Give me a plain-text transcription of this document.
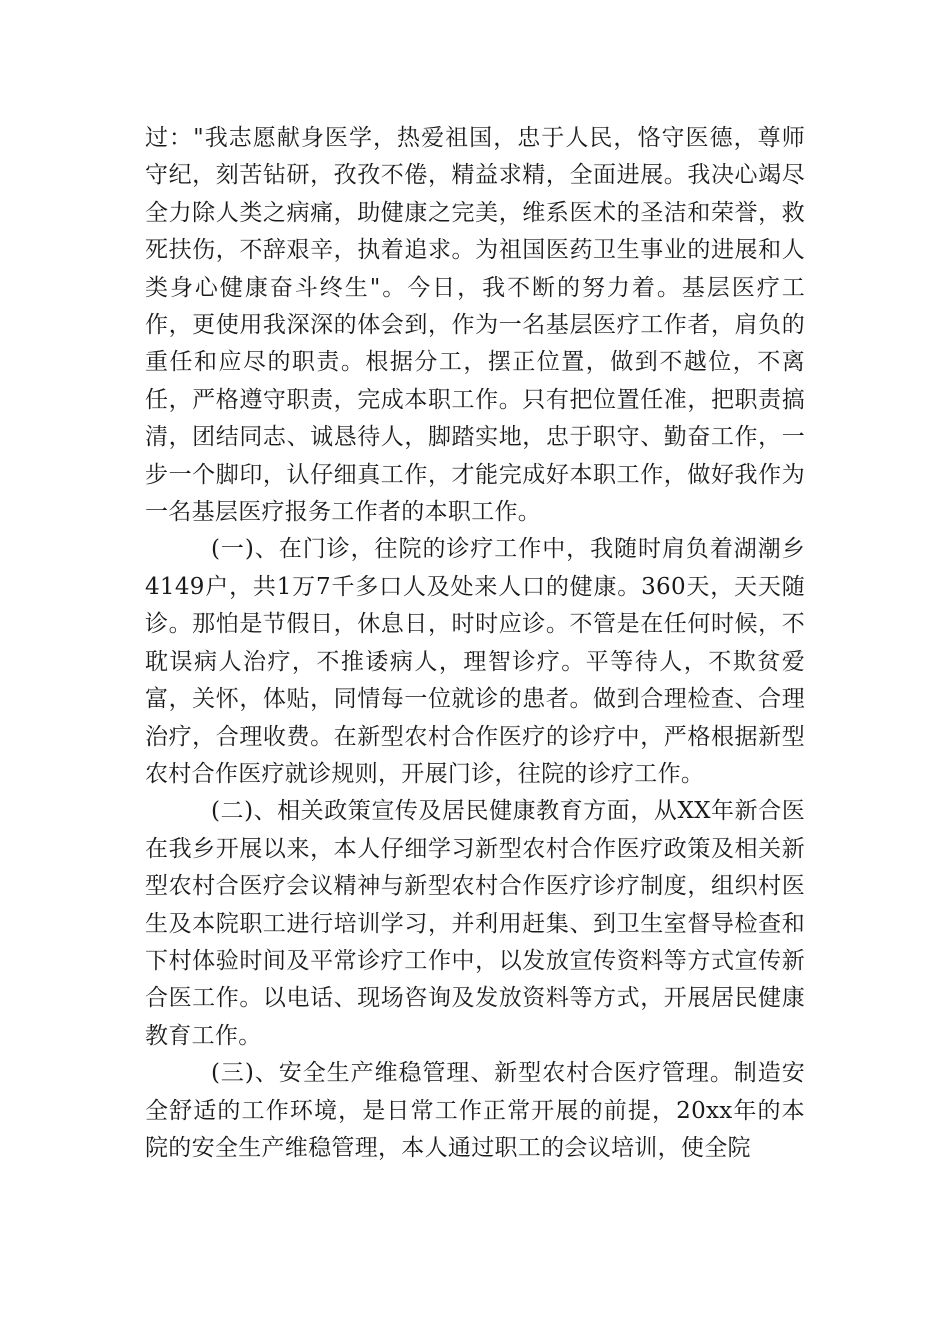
过："我志愿献身医学，热爱祖国，忠于人民，恪守医德，尊师守纪，刻苦钻研，孜孜不倦，精益求精，全面进展。我决心竭尽全力除人类之病痛，助健康之完美，维系医术的圣洁和荣誉，救死扶伤，不辞艰辛，执着追求。为祖国医药卫生事业的进展和人类身心健康奋斗终生"。今日，我不断的努力着。基层医疗工作，更使用我深深的体会到，作为一名基层医疗工作者，肩负的重任和应尽的职责。根据分工，摆正位置，做到不越位，不离任，严格遵守职责，完成本职工作。只有把位置任准，把职责搞清，团结同志、诚恳待人，脚踏实地，忠于职守、勤奋工作，一步一个脚印，认仔细真工作，才能完成好本职工作，做好我作为一名基层医疗报务工作者的本职工作。

(一)、在门诊，往院的诊疗工作中，我随时肩负着湖潮乡4149户，共1万7千多口人及处来人口的健康。360天，天天随诊。那怕是节假日，休息日，时时应诊。不管是在任何时候，不耽误病人治疗，不推诿病人，理智诊疗。平等待人，不欺贫爱富，关怀，体贴，同情每一位就诊的患者。做到合理检查、合理治疗，合理收费。在新型农村合作医疗的诊疗中，严格根据新型农村合作医疗就诊规则，开展门诊，往院的诊疗工作。

(二)、相关政策宣传及居民健康教育方面，从XX年新合医在我乡开展以来，本人仔细学习新型农村合作医疗政策及相关新型农村合医疗会议精神与新型农村合作医疗诊疗制度，组织村医生及本院职工进行培训学习，并利用赶集、到卫生室督导检查和下村体验时间及平常诊疗工作中，以发放宣传资料等方式宣传新合医工作。以电话、现场咨询及发放资料等方式，开展居民健康教育工作。

(三)、安全生产维稳管理、新型农村合医疗管理。制造安全舒适的工作环境，是日常工作正常开展的前提，20xx年的本院的安全生产维稳管理，本人通过职工的会议培训，使全院
